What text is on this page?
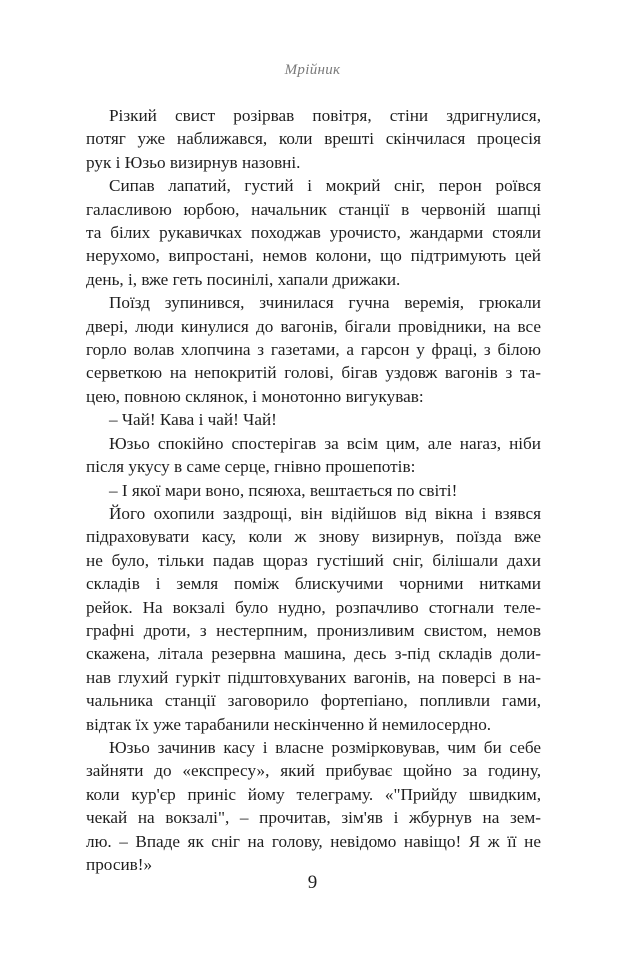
Мрійник
Різкий свист розірвав повітря, стіни здригнулися,
потяг уже наближався, коли врешті скінчилася процесія
рук і Юзьо визирнув назовні.
Сипав лапатий, густий і мокрий сніг, перон роївся
галасливою юрбою, начальник станції в червоній шапці
та білих рукавичках походжав урочисто, жандарми стояли
нерухомо, випростані, немов колони, що підтримують цей
день, і, вже геть посинілі, хапали дрижаки.
Поїзд зупинився, зчинилася гучна веремія, грюкали
двері, люди кинулися до вагонів, бігали провідники, на все
горло волав хлопчина з газетами, а гарсон у фраці, з білою
серветкою на непокритій голові, бігав уздовж вагонів з та-
цею, повною склянок, і монотонно вигукував:
– Чай! Кава і чай! Чай!
Юзьо спокійно спостерігав за всім цим, але наraз, ніби
після укусу в саме серце, гнівно прошепотів:
– І якої мари воно, псяюха, вештається по світі!
Його охопили заздрощі, він відійшов від вікна і взявся
підраховувати касу, коли ж знову визирнув, поїзда вже
не було, тільки падав щораз густіший сніг, білішали дахи
складів і земля поміж блискучими чорними нитками
рейок. На вокзалі було нудно, розпачливо стогнали теле-
графні дроти, з нестерпним, пронизливим свистом, немов
скажена, літала резервна машина, десь з-під складів доли-
нав глухий гуркіт підштовхуваних вагонів, на поверсі в на-
чальника станції заговорило фортепіано, попливли гами,
відтак їх уже тарабанили нескінченно й немилосердно.
Юзьо зачинив касу і власне розмірковував, чим би себе
зайняти до «експресу», який прибуває щойно за годину,
коли кур'єр приніс йому телеграму. «"Прийду швидким,
чекай на вокзалі", – прочитав, зім'яв і жбурнув на зем-
лю. – Впаде як сніг на голову, невідомо навіщо! Я ж її не
просив!»
9
